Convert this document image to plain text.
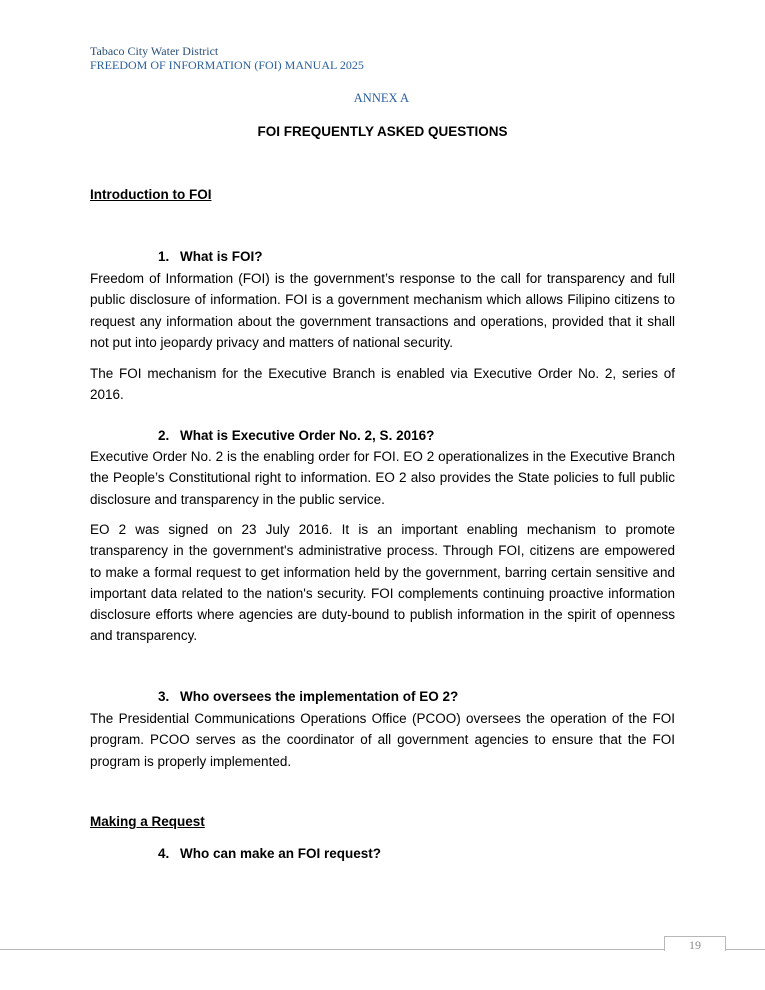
Tabaco City Water District
FREEDOM OF INFORMATION (FOI) MANUAL 2025
ANNEX A
FOI FREQUENTLY ASKED QUESTIONS
Introduction to FOI
1. What is FOI?
Freedom of Information (FOI) is the government’s response to the call for transparency and full public disclosure of information. FOI is a government mechanism which allows Filipino citizens to request any information about the government transactions and operations, provided that it shall not put into jeopardy privacy and matters of national security.
The FOI mechanism for the Executive Branch is enabled via Executive Order No. 2, series of 2016.
2. What is Executive Order No. 2, S. 2016?
Executive Order No. 2 is the enabling order for FOI. EO 2 operationalizes in the Executive Branch the People’s Constitutional right to information. EO 2 also provides the State policies to full public disclosure and transparency in the public service.
EO 2 was signed on 23 July 2016. It is an important enabling mechanism to promote transparency in the government's administrative process. Through FOI, citizens are empowered to make a formal request to get information held by the government, barring certain sensitive and important data related to the nation's security. FOI complements continuing proactive information disclosure efforts where agencies are duty-bound to publish information in the spirit of openness and transparency.
3. Who oversees the implementation of EO 2?
The Presidential Communications Operations Office (PCOO) oversees the operation of the FOI program. PCOO serves as the coordinator of all government agencies to ensure that the FOI program is properly implemented.
Making a Request
4. Who can make an FOI request?
19
